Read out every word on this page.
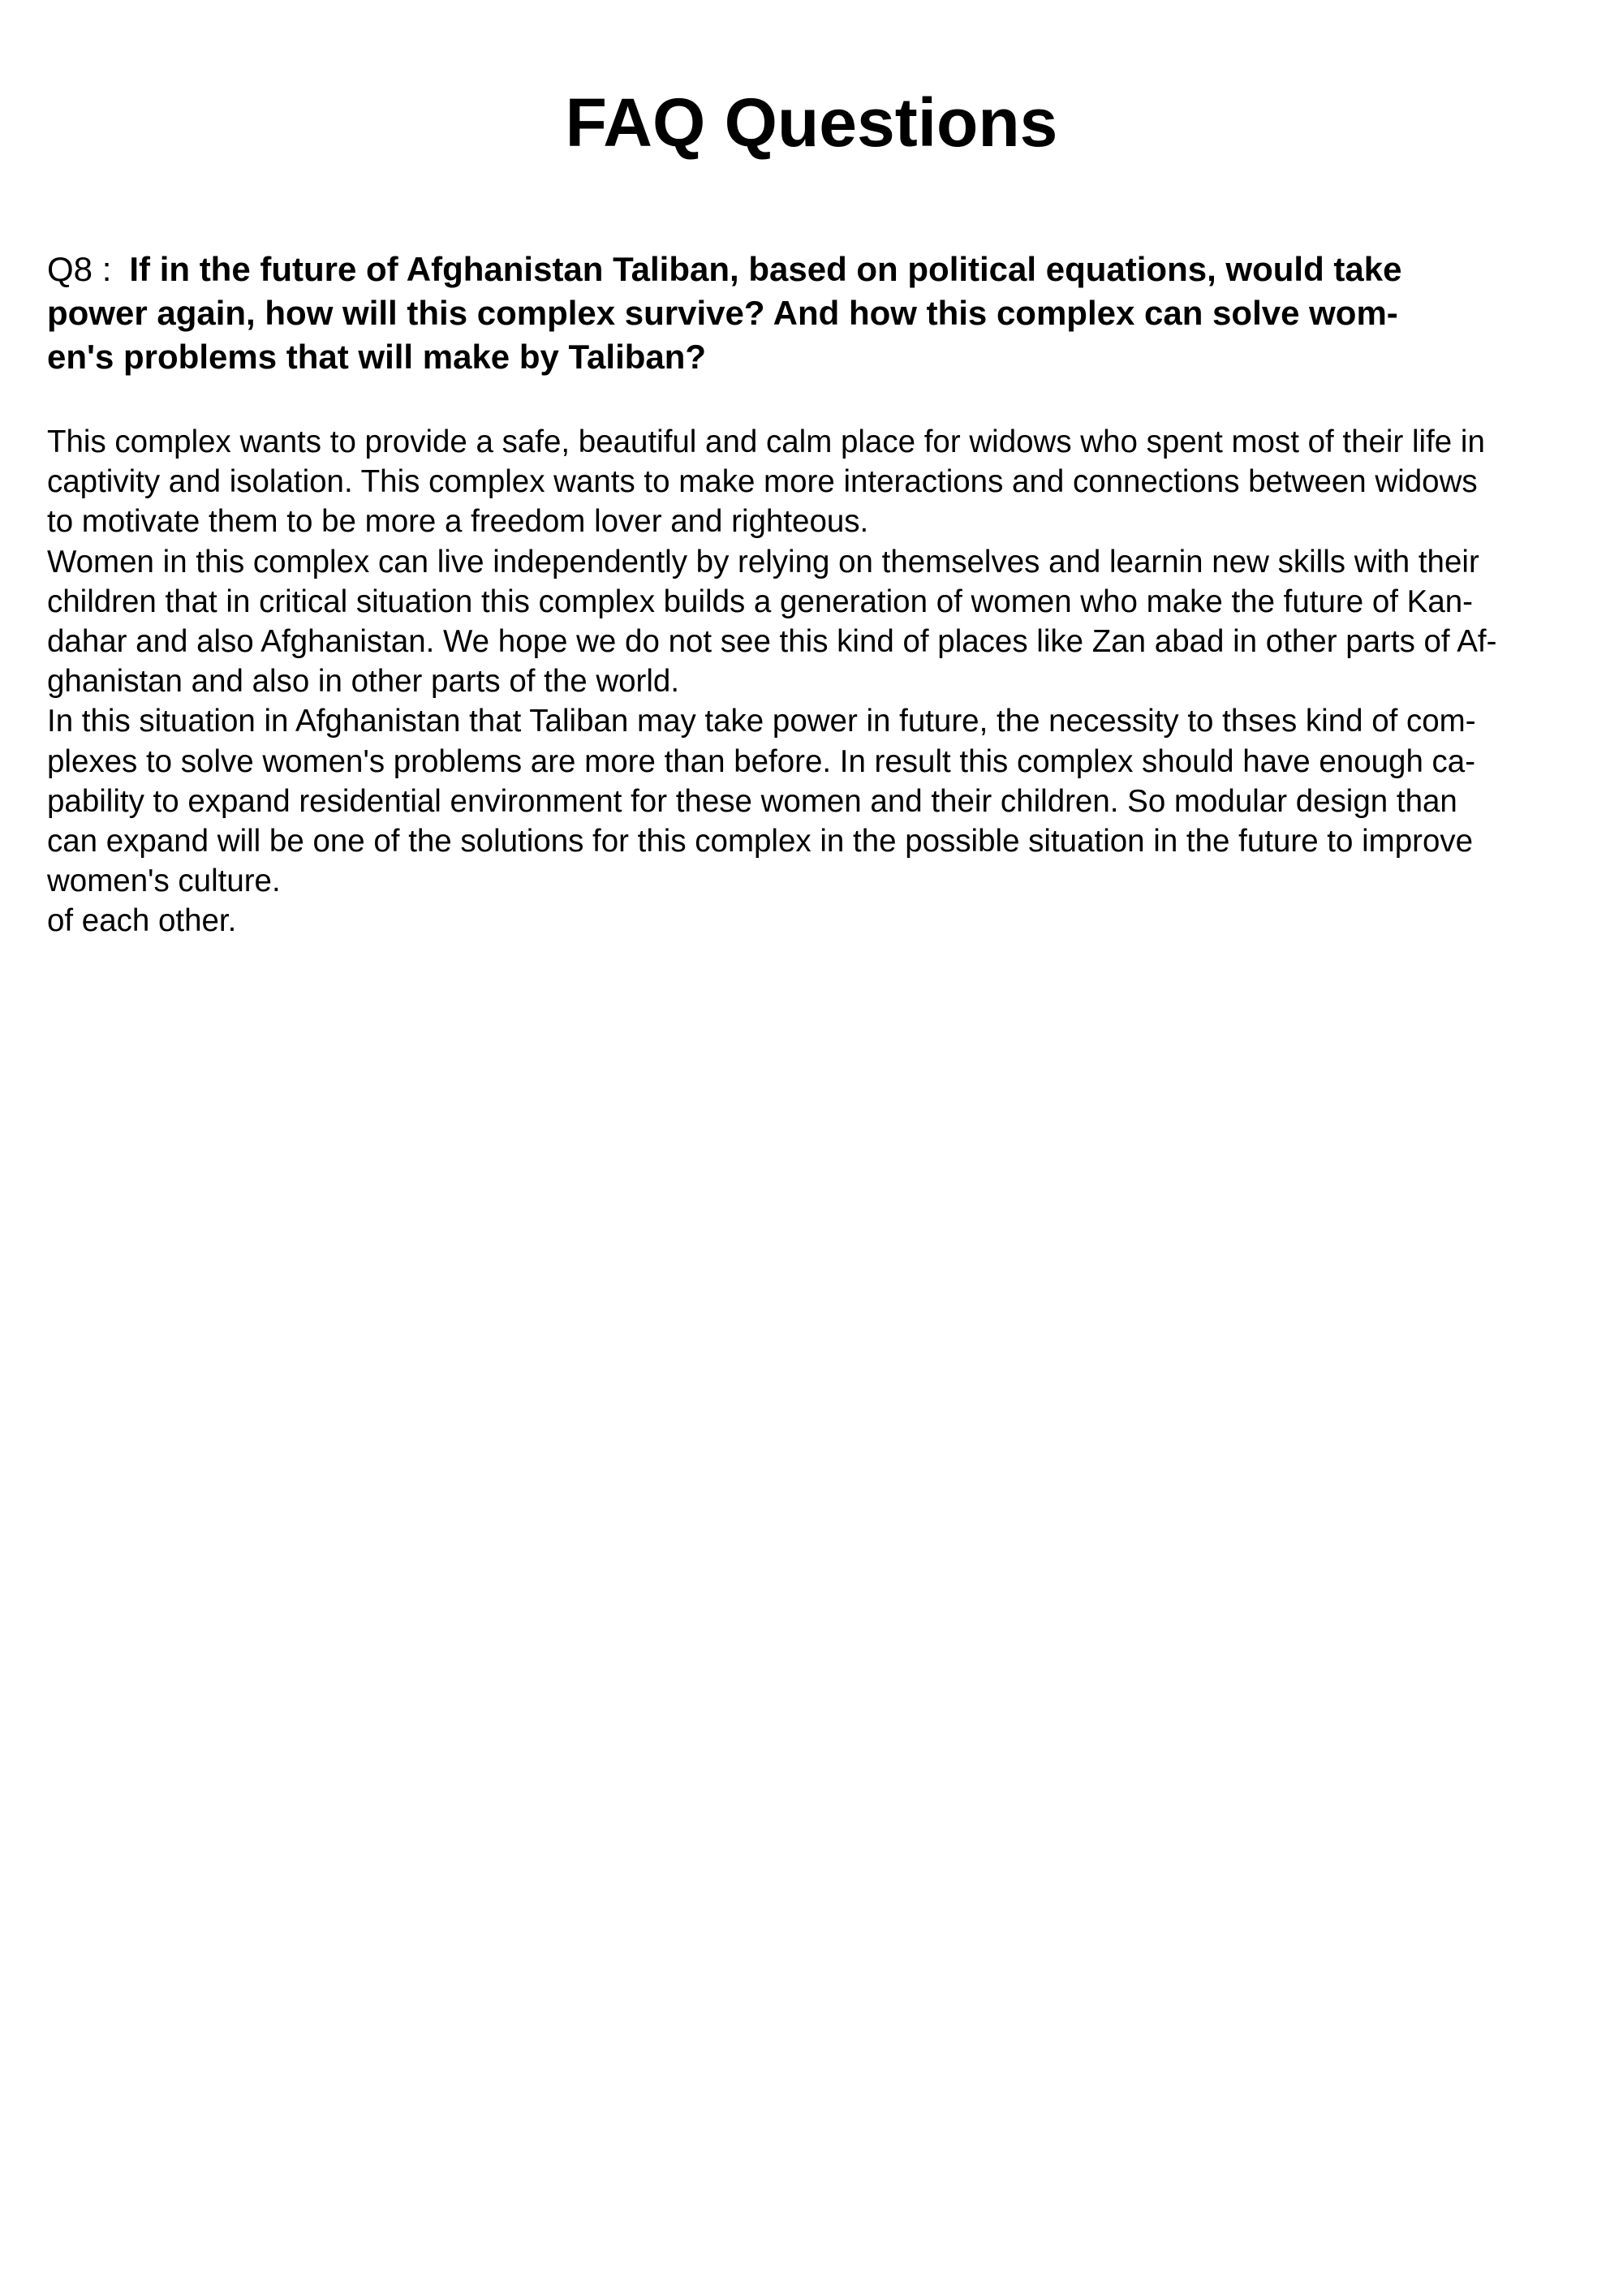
FAQ Questions
Q8 : If in the future of Afghanistan Taliban, based on political equations, would take
power again, how will this complex survive? And how this complex can solve wom-
en's problems that will make by Taliban?
This complex wants to provide a safe, beautiful and calm place for widows who spent most of their life in
captivity and isolation. This complex wants to make more interactions and connections between widows
to motivate them to be more a freedom lover and righteous.
Women in this complex can live independently by relying on themselves and learnin new skills with their
children that in critical situation this complex builds a generation of women who make the future of Kan-
dahar and also Afghanistan. We hope we do not see this kind of places like Zan abad in other parts of Af-
ghanistan and also in other parts of the world.
In this situation in Afghanistan that Taliban may take power in future, the necessity to thses kind of com-
plexes to solve women's problems are more than before. In result this complex should have enough ca-
pability to expand residential environment for these women and their children. So modular design than
can expand will be one of the solutions for this complex in the possible situation in the future to improve
women's culture.
of each other.
